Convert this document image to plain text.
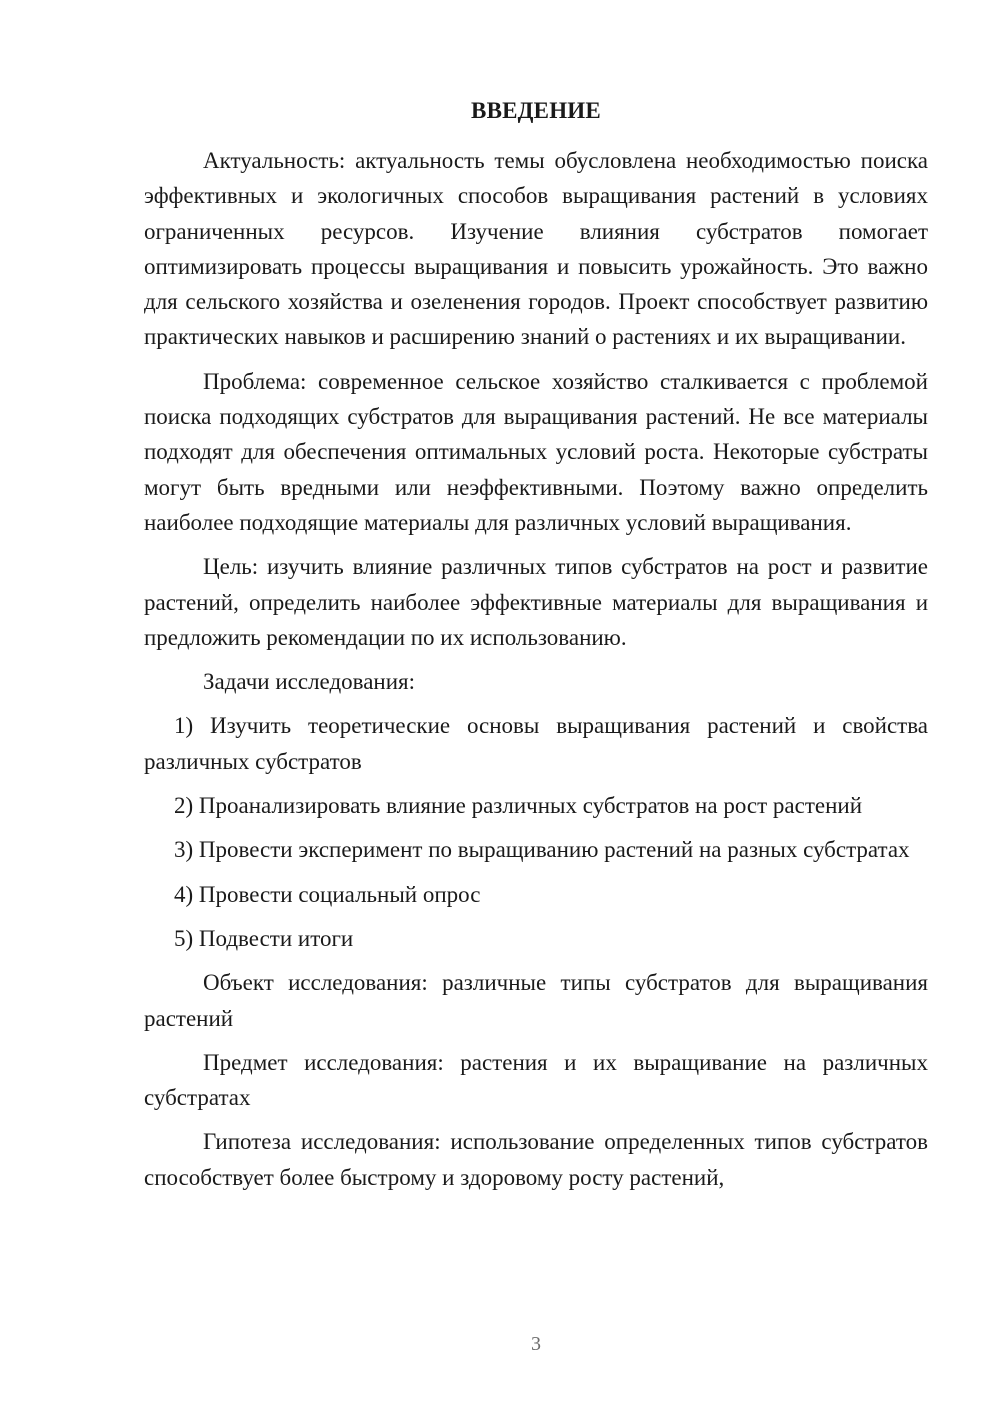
ВВЕДЕНИЕ

Актуальность: актуальность темы обусловлена необходимостью поиска эффективных и экологичных способов выращивания растений в условиях ограниченных ресурсов. Изучение влияния субстратов помогает оптимизировать процессы выращивания и повысить урожайность. Это важно для сельского хозяйства и озеленения городов. Проект способствует развитию практических навыков и расширению знаний о растениях и их выращивании.

Проблема: современное сельское хозяйство сталкивается с проблемой поиска подходящих субстратов для выращивания растений. Не все материалы подходят для обеспечения оптимальных условий роста. Некоторые субстраты могут быть вредными или неэффективными. Поэтому важно определить наиболее подходящие материалы для различных условий выращивания.

Цель: изучить влияние различных типов субстратов на рост и развитие растений, определить наиболее эффективные материалы для выращивания и предложить рекомендации по их использованию.

Задачи исследования:

1) Изучить теоретические основы выращивания растений и свойства различных субстратов

2) Проанализировать влияние различных субстратов на рост растений

3) Провести эксперимент по выращиванию растений на разных субстратах

4) Провести социальный опрос

5) Подвести итоги

Объект исследования: различные типы субстратов для выращивания растений

Предмет исследования: растения и их выращивание на различных субстратах

Гипотеза исследования: использование определенных типов субстратов способствует более быстрому и здоровому росту растений,

3
